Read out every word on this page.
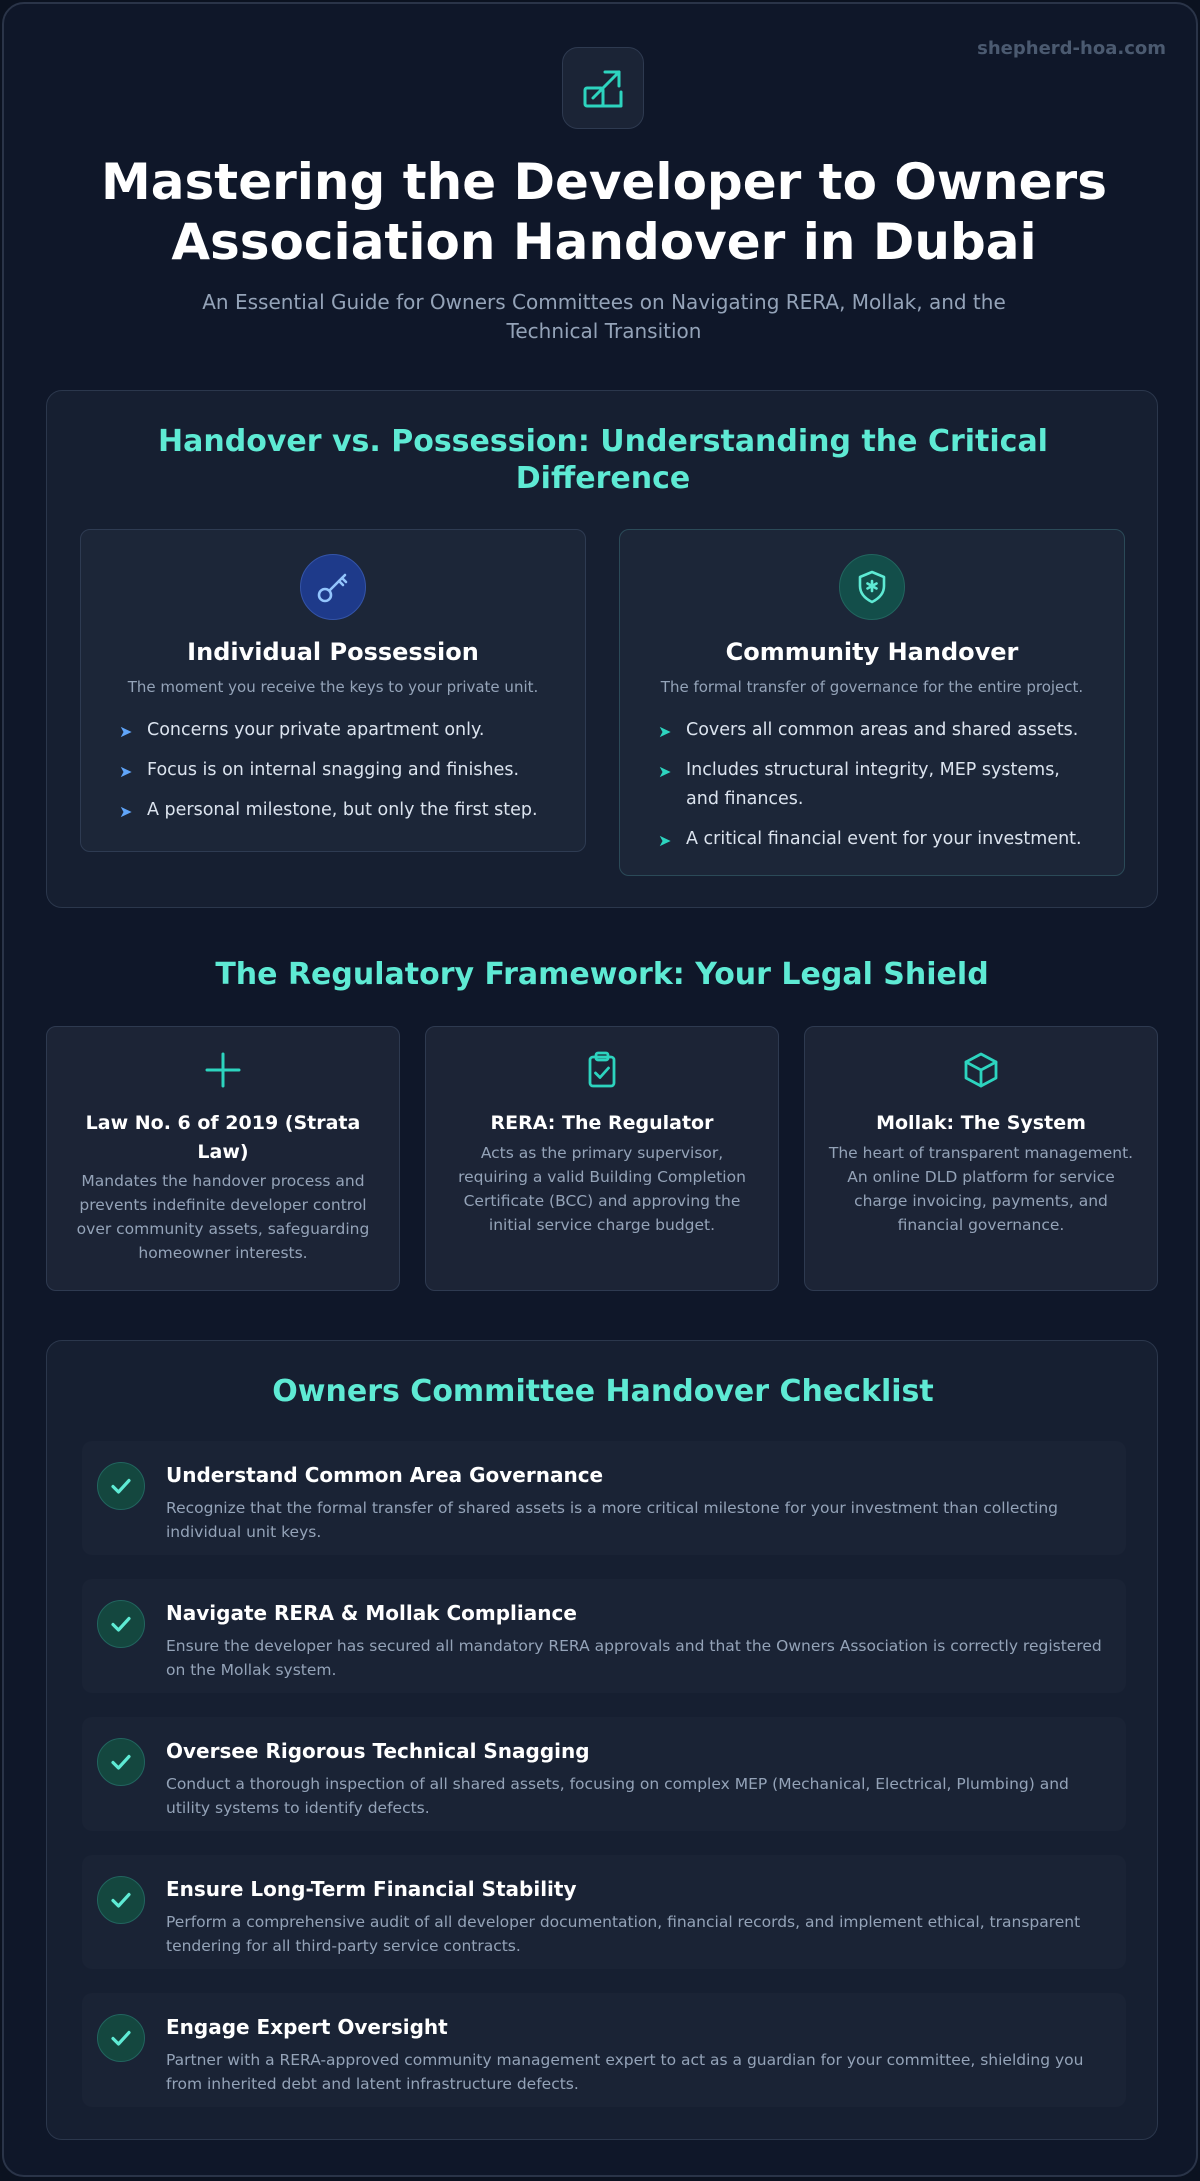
shepherd-hoa.com
Mastering the Developer to Owners Association Handover in Dubai

An Essential Guide for Owners Committees on Navigating RERA, Mollak, and the Technical Transition

Handover vs. Possession: Understanding the Critical Difference
Individual Possession
The moment you receive the keys to your private unit.
➤ Concerns your private apartment only.
➤ Focus is on internal snagging and finishes.
➤ A personal milestone, but only the first step.
Community Handover
The formal transfer of governance for the entire project.
➤ Covers all common areas and shared assets.
➤ Includes structural integrity, MEP systems, and finances.
➤ A critical financial event for your investment.
The Regulatory Framework: Your Legal Shield
Law No. 6 of 2019 (Strata Law)

Mandates the handover process and prevents indefinite developer control over community assets, safeguarding homeowner interests.

RERA: The Regulator

Acts as the primary supervisor, requiring a valid Building Completion Certificate (BCC) and approving the initial service charge budget.

Mollak: The System

The heart of transparent management. An online DLD platform for service charge invoicing, payments, and financial governance.

Owners Committee Handover Checklist
Understand Common Area Governance
Recognize that the formal transfer of shared assets is a more critical milestone for your investment than collecting individual unit keys.
Navigate RERA & Mollak Compliance
Ensure the developer has secured all mandatory RERA approvals and that the Owners Association is correctly registered on the Mollak system.
Oversee Rigorous Technical Snagging
Conduct a thorough inspection of all shared assets, focusing on complex MEP (Mechanical, Electrical, Plumbing) and utility systems to identify defects.
Ensure Long-Term Financial Stability
Perform a comprehensive audit of all developer documentation, financial records, and implement ethical, transparent tendering for all third-party service contracts.
Engage Expert Oversight
Partner with a RERA-approved community management expert to act as a guardian for your committee, shielding you from inherited debt and latent infrastructure defects.
